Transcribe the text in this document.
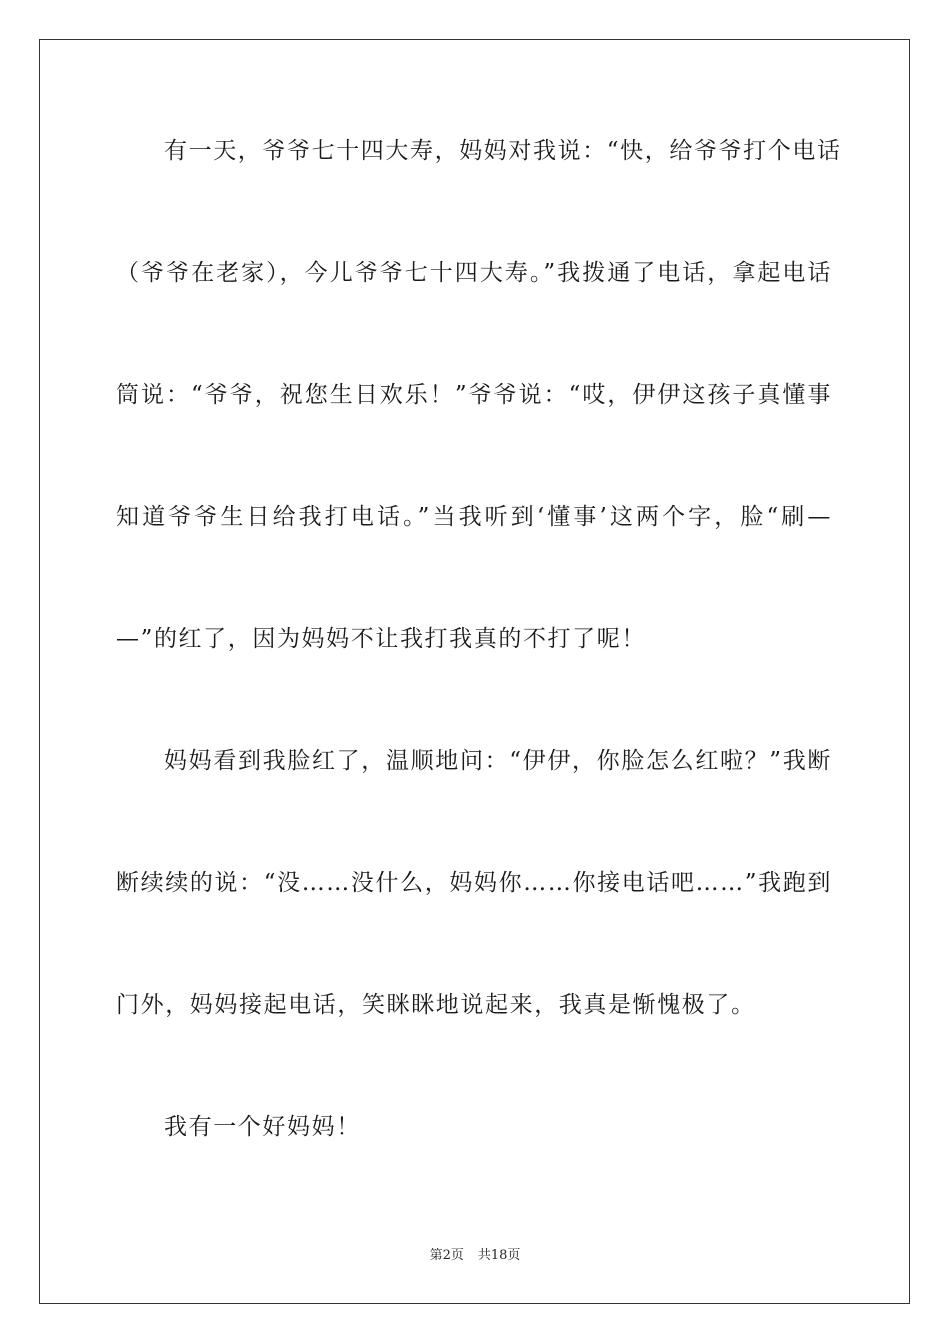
有一天，爷爷七十四大寿，妈妈对我说：“快，给爷爷打个电话
（爷爷在老家），今儿爷爷七十四大寿。”我拨通了电话，拿起电话
筒说：“爷爷，祝您生日欢乐！”爷爷说：“哎，伊伊这孩子真懂事
知道爷爷生日给我打电话。”当我听到‘懂事’这两个字，脸“刷—
—”的红了，因为妈妈不让我打我真的不打了呢！
妈妈看到我脸红了，温顺地问：“伊伊，你脸怎么红啦？”我断
断续续的说：“没……没什么，妈妈你……你接电话吧……”我跑到
门外，妈妈接起电话，笑眯眯地说起来，我真是惭愧极了。
我有一个好妈妈！
第2页 共18页
